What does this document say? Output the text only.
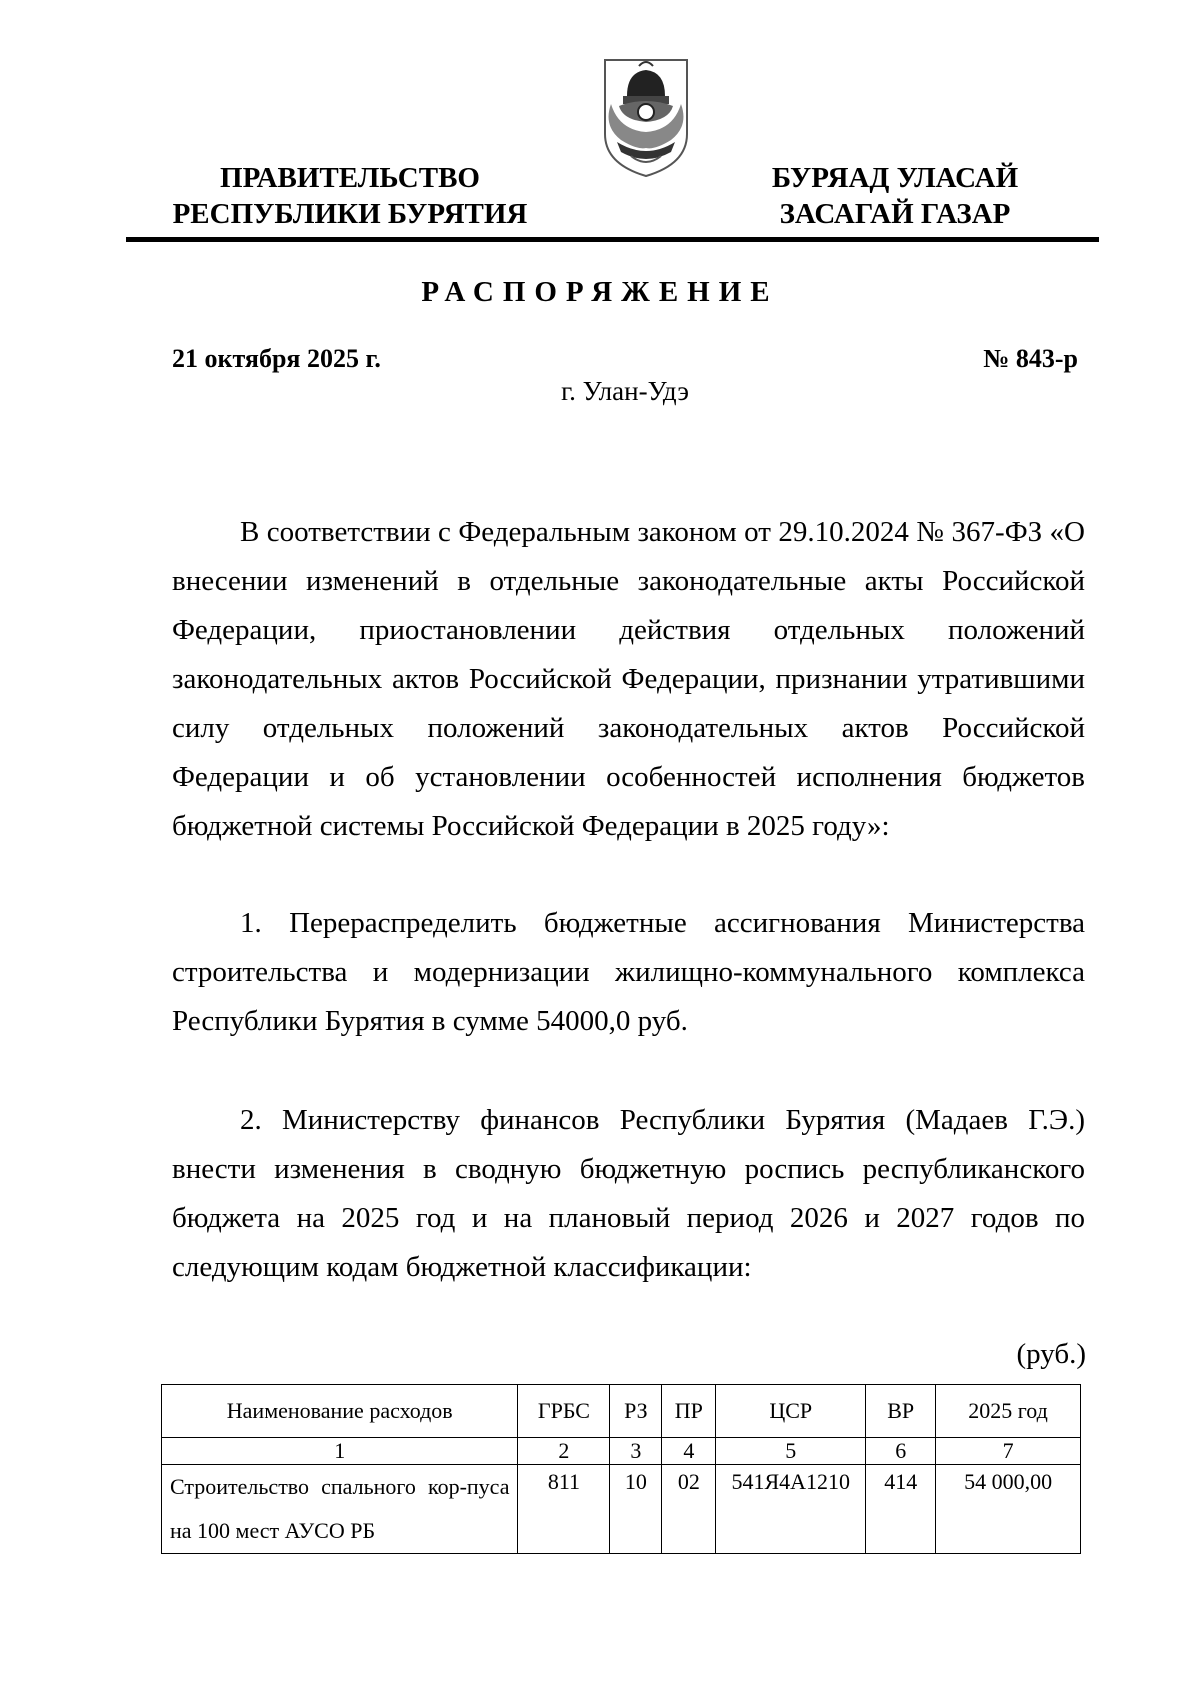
ПРАВИТЕЛЬСТВО
РЕСПУБЛИКИ БУРЯТИЯ
БУРЯАД УЛАСАЙ
ЗАСАГАЙ ГАЗАР
РАСПОРЯЖЕНИЕ
21 октября 2025 г.	№ 843-р
г. Улан-Удэ

В соответствии с Федеральным законом от 29.10.2024 № 367-ФЗ «О внесении изменений в отдельные законодательные акты Российской Федерации, приостановлении действия отдельных положений законодательных актов Российской Федерации, признании утратившими силу отдельных положений законодательных актов Российской Федерации и об установлении особенностей исполнения бюджетов бюджетной системы Российской Федерации в 2025 году»:

1. Перераспределить бюджетные ассигнования Министерства строительства и модернизации жилищно-коммунального комплекса Республики Бурятия в сумме 54000,0 руб.

2. Министерству финансов Республики Бурятия (Мадаев Г.Э.) внести изменения в сводную бюджетную роспись республиканского бюджета на 2025 год и на плановый период 2026 и 2027 годов по следующим кодам бюджетной классификации:

(руб.)
Наименование расходов	ГРБС	РЗ	ПР	ЦСР	ВР	2025 год
1	2	3	4	5	6	7
Строительство спального кор-пуса на 100 мест АУСО РБ	811	10	02	541Я4А1210	414	54 000,00
